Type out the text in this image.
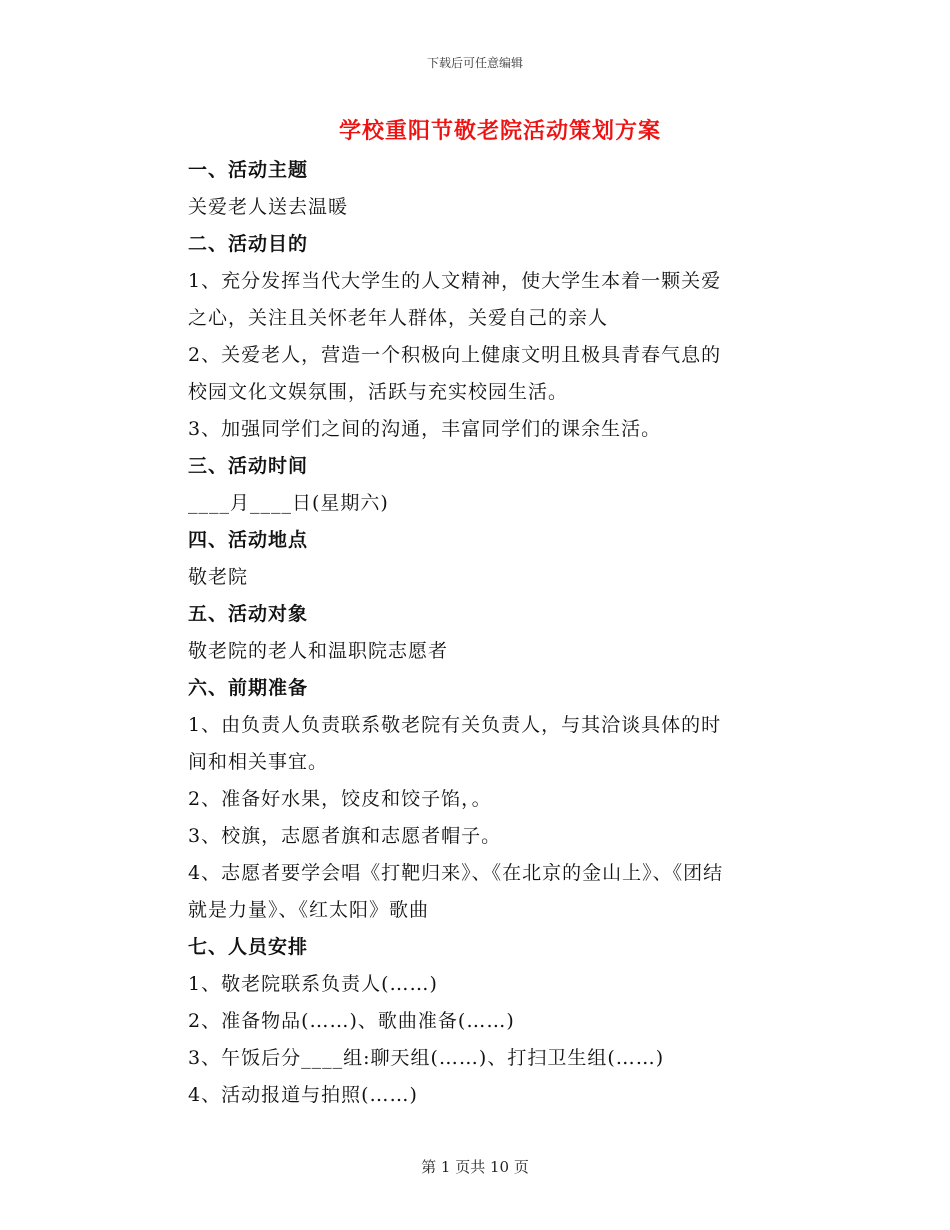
下载后可任意编辑
学校重阳节敬老院活动策划方案
一、活动主题
关爱老人送去温暖
二、活动目的
1、充分发挥当代大学生的人文精神，使大学生本着一颗关爱
之心，关注且关怀老年人群体，关爱自己的亲人
2、关爱老人，营造一个积极向上健康文明且极具青春气息的
校园文化文娱氛围，活跃与充实校园生活。
3、加强同学们之间的沟通，丰富同学们的课余生活。
三、活动时间
____月____日(星期六)
四、活动地点
敬老院
五、活动对象
敬老院的老人和温职院志愿者
六、前期准备
1、由负责人负责联系敬老院有关负责人，与其洽谈具体的时
间和相关事宜。
2、准备好水果，饺皮和饺子馅，。
3、校旗，志愿者旗和志愿者帽子。
4、志愿者要学会唱《打靶归来》、《在北京的金山上》、《团结
就是力量》、《红太阳》歌曲
七、人员安排
1、敬老院联系负责人(……)
2、准备物品(……)、歌曲准备(……)
3、午饭后分____组:聊天组(……)、打扫卫生组(……)
4、活动报道与拍照(……)
第 1 页共 10 页
